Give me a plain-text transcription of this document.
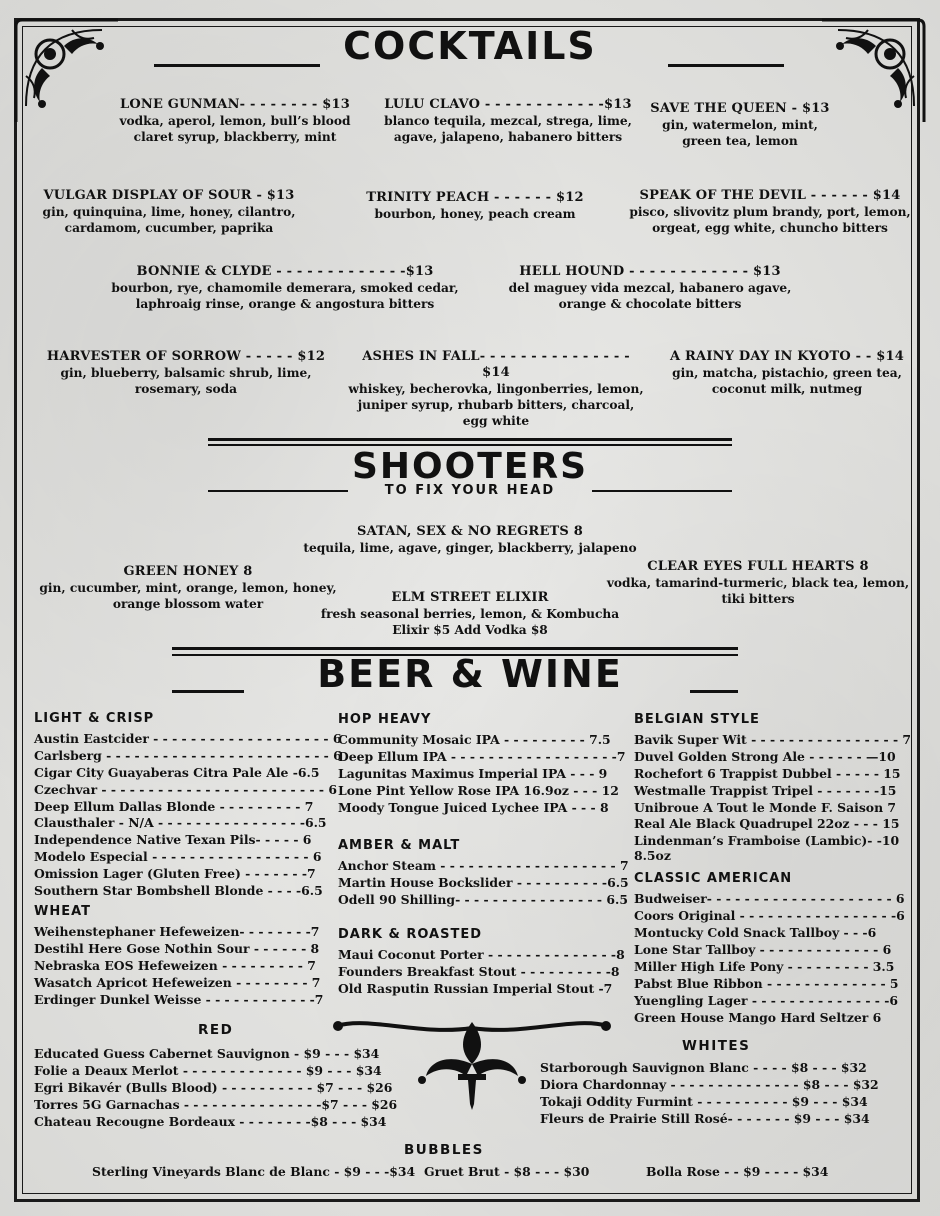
COCKTAILS
LONE GUNMAN- - - - - - - - $13
vodka, aperol, lemon, bull’s blood
claret syrup, blackberry, mint
LULU CLAVO - - - - - - - - - - - -$13
blanco tequila, mezcal, strega, lime,
agave, jalapeno, habanero bitters
SAVE THE QUEEN - $13
gin, watermelon, mint,
green tea, lemon
VULGAR DISPLAY OF SOUR - $13
gin, quinquina, lime, honey, cilantro,
cardamom, cucumber, paprika
TRINITY PEACH - - - - - - $12
bourbon, honey, peach cream
SPEAK OF THE DEVIL - - - - - - $14
pisco, slivovitz plum brandy, port, lemon,
orgeat, egg white, chuncho bitters
BONNIE & CLYDE - - - - - - - - - - - - -$13
bourbon, rye, chamomile demerara, smoked cedar,
laphroaig rinse, orange & angostura bitters
HELL HOUND - - - - - - - - - - - - $13
del maguey vida mezcal, habanero agave,
orange & chocolate bitters
HARVESTER OF SORROW - - - - - $12
gin, blueberry, balsamic shrub, lime,
rosemary, soda
ASHES IN FALL- - - - - - - - - - - - - - - $14
whiskey, becherovka, lingonberries, lemon,
juniper syrup, rhubarb bitters, charcoal,
egg white
A RAINY DAY IN KYOTO - - $14
gin, matcha, pistachio, green tea,
coconut milk, nutmeg
SHOOTERS
TO FIX YOUR HEAD
SATAN, SEX & NO REGRETS 8
tequila, lime, agave, ginger, blackberry, jalapeno
GREEN HONEY 8
gin, cucumber, mint, orange, lemon, honey,
orange blossom water	ELM STREET ELIXIR
fresh seasonal berries, lemon, & Kombucha
Elixir $5 Add Vodka $8
CLEAR EYES FULL HEARTS 8
vodka, tamarind-turmeric, black tea, lemon,
tiki bitters
BEER & WINE
LIGHT & CRISP
Austin Eastcider - - - - - - - - - - - - - - - - - - - 6
Carlsberg - - - - - - - - - - - - - - - - - - - - - - - - 6
Cigar City Guayaberas Citra Pale Ale -6.5
Czechvar - - - - - - - - - - - - - - - - - - - - - - - - 6
Deep Ellum Dallas Blonde - - - - - - - - - 7
Clausthaler - N/A - - - - - - - - - - - - - - - -6.5
Independence Native Texan Pils- - - - - 6
Modelo Especial - - - - - - - - - - - - - - - - - 6
Omission Lager (Gluten Free) - - - - - - -7
Southern Star Bombshell Blonde - - - -6.5
WHEAT
Weihenstephaner Hefeweizen- - - - - - - -7
Destihl Here Gose Nothin Sour - - - - - - 8
Nebraska EOS Hefeweizen - - - - - - - - - 7
Wasatch Apricot Hefeweizen - - - - - - - - 7
Erdinger Dunkel Weisse - - - - - - - - - - - -7
HOP HEAVY
Community Mosaic IPA - - - - - - - - - 7.5
Deep Ellum IPA - - - - - - - - - - - - - - - - - -7
Lagunitas Maximus Imperial IPA - - - 9
Lone Pint Yellow Rose IPA 16.9oz - - - 12
Moody Tongue Juiced Lychee IPA - - - 8
AMBER & MALT
Anchor Steam - - - - - - - - - - - - - - - - - - - 7
Martin House Bockslider - - - - - - - - - -6.5
Odell 90 Shilling- - - - - - - - - - - - - - - - 6.5
DARK & ROASTED
Maui Coconut Porter - - - - - - - - - - - - - -8
Founders Breakfast Stout - - - - - - - - - -8
Old Rasputin Russian Imperial Stout -7
BELGIAN STYLE
Bavik Super Wit - - - - - - - - - - - - - - - - 7
Duvel Golden Strong Ale - - - - - - —10
Rochefort 6 Trappist Dubbel - - - - - 15
Westmalle Trappist Tripel - - - - - - -15
Unibroue A Tout le Monde F. Saison 7
Real Ale Black Quadrupel 22oz - - - 15
Lindenman’s Framboise (Lambic)- -10
8.5oz
CLASSIC AMERICAN
Budweiser- - - - - - - - - - - - - - - - - - - - 6
Coors Original - - - - - - - - - - - - - - - - -6
Montucky Cold Snack Tallboy - - -6
Lone Star Tallboy - - - - - - - - - - - - - 6
Miller High Life Pony - - - - - - - - - 3.5
Pabst Blue Ribbon - - - - - - - - - - - - - 5
Yuengling Lager - - - - - - - - - - - - - - -6
Green House Mango Hard Seltzer 6
RED
Educated Guess Cabernet Sauvignon - $9 - - - $34
Folie a Deaux Merlot - - - - - - - - - - - - - $9 - - - $34
Egri Bikavér (Bulls Blood) - - - - - - - - - - $7 - - - $26
Torres 5G Garnachas - - - - - - - - - - - - - - -$7 - - - $26
Chateau Recougne Bordeaux - - - - - - - -$8 - - - $34
WHITES
Starborough Sauvignon Blanc - - - - $8 - - - $32
Diora Chardonnay - - - - - - - - - - - - - - $8 - - - $32
Tokaji Oddity Furmint - - - - - - - - - - $9 - - - $34
Fleurs de Prairie Still Rosé- - - - - - - $9 - - - $34
BUBBLES
Sterling Vineyards Blanc de Blanc - $9 - - -$34 Gruet Brut - $8 - - - $30	Bolla Rose - - $9 - - - - $34
